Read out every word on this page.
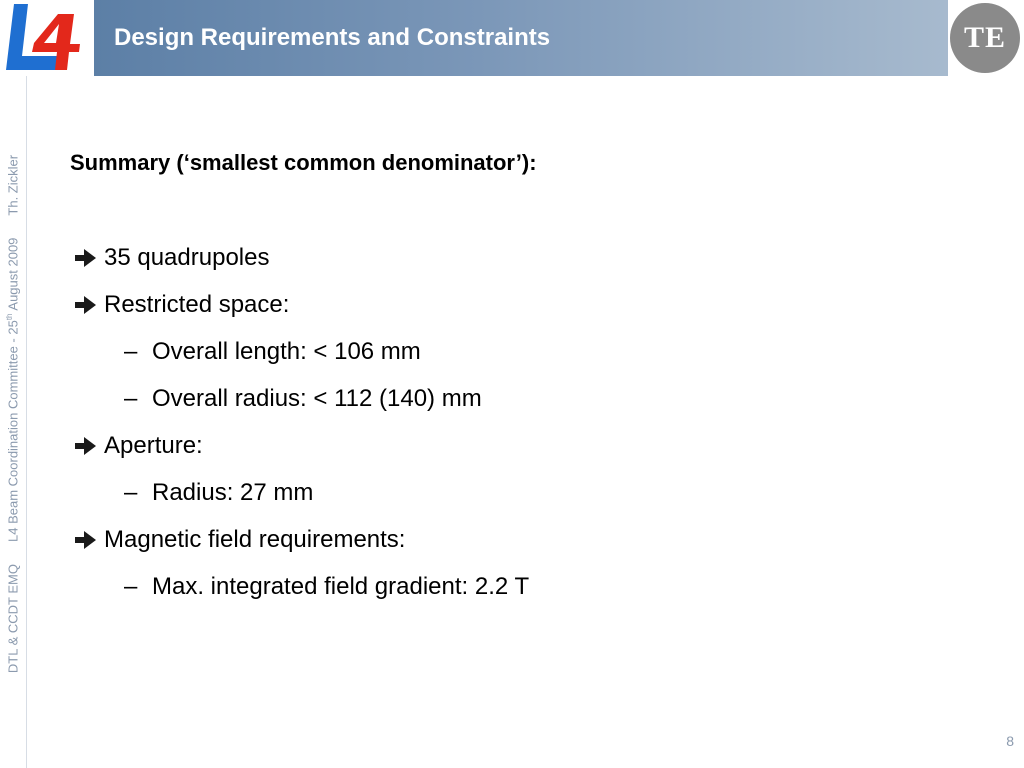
Design Requirements and Constraints	TE
DTL & CCDT EMQL4 Beam Coordination Committee - 25th August 2009Th. Zickler Summary (‘smallest common denominator’):
35 quadrupoles
Restricted space:
– Overall length: < 106 mm
– Overall radius: < 112 (140) mm
Aperture:
– Radius: 27 mm
Magnetic field requirements:
– Max. integrated field gradient: 2.2 T
8
